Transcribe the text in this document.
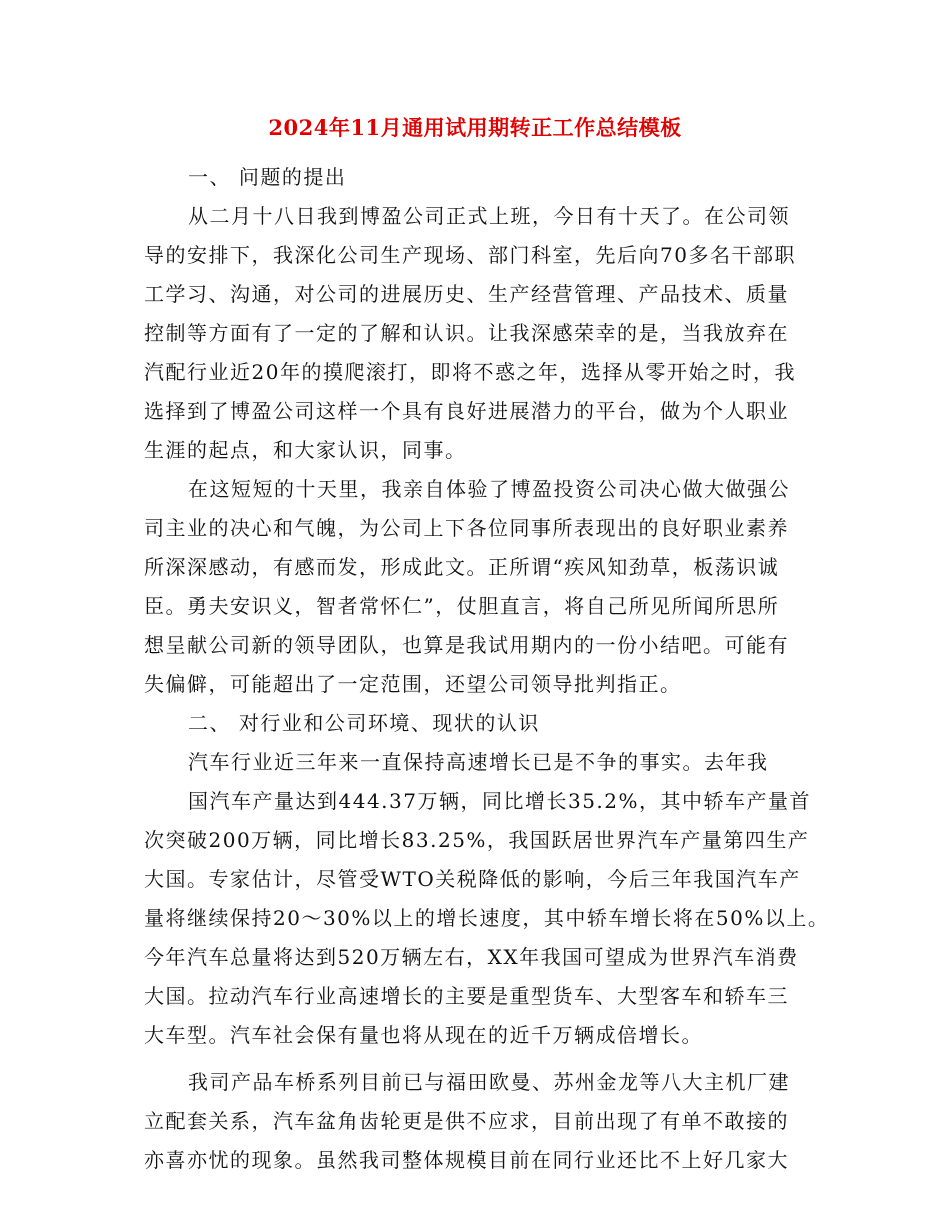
2024年11月通用试用期转正工作总结模板
一、 问题的提出
从二月十八日我到博盈公司正式上班，今日有十天了。在公司领
导的安排下，我深化公司生产现场、部门科室，先后向70多名干部职
工学习、沟通，对公司的进展历史、生产经营管理、产品技术、质量
控制等方面有了一定的了解和认识。让我深感荣幸的是，当我放弃在
汽配行业近20年的摸爬滚打，即将不惑之年，选择从零开始之时，我
选择到了博盈公司这样一个具有良好进展潜力的平台，做为个人职业
生涯的起点，和大家认识，同事。
在这短短的十天里，我亲自体验了博盈投资公司决心做大做强公
司主业的决心和气魄，为公司上下各位同事所表现出的良好职业素养
所深深感动，有感而发，形成此文。正所谓“疾风知劲草，板荡识诚
臣。勇夫安识义，智者常怀仁”，仗胆直言，将自己所见所闻所思所
想呈献公司新的领导团队，也算是我试用期内的一份小结吧。可能有
失偏僻，可能超出了一定范围，还望公司领导批判指正。
二、 对行业和公司环境、现状的认识
汽车行业近三年来一直保持高速增长已是不争的事实。去年我
国汽车产量达到444.37万辆，同比增长35.2%，其中轿车产量首
次突破200万辆，同比增长83.25%，我国跃居世界汽车产量第四生产
大国。专家估计，尽管受WTO关税降低的影响，今后三年我国汽车产
量将继续保持20～30%以上的增长速度，其中轿车增长将在50%以上。
今年汽车总量将达到520万辆左右，XX年我国可望成为世界汽车消费
大国。拉动汽车行业高速增长的主要是重型货车、大型客车和轿车三
大车型。汽车社会保有量也将从现在的近千万辆成倍增长。
我司产品车桥系列目前已与福田欧曼、苏州金龙等八大主机厂建
立配套关系，汽车盆角齿轮更是供不应求，目前出现了有单不敢接的
亦喜亦忧的现象。虽然我司整体规模目前在同行业还比不上好几家大
